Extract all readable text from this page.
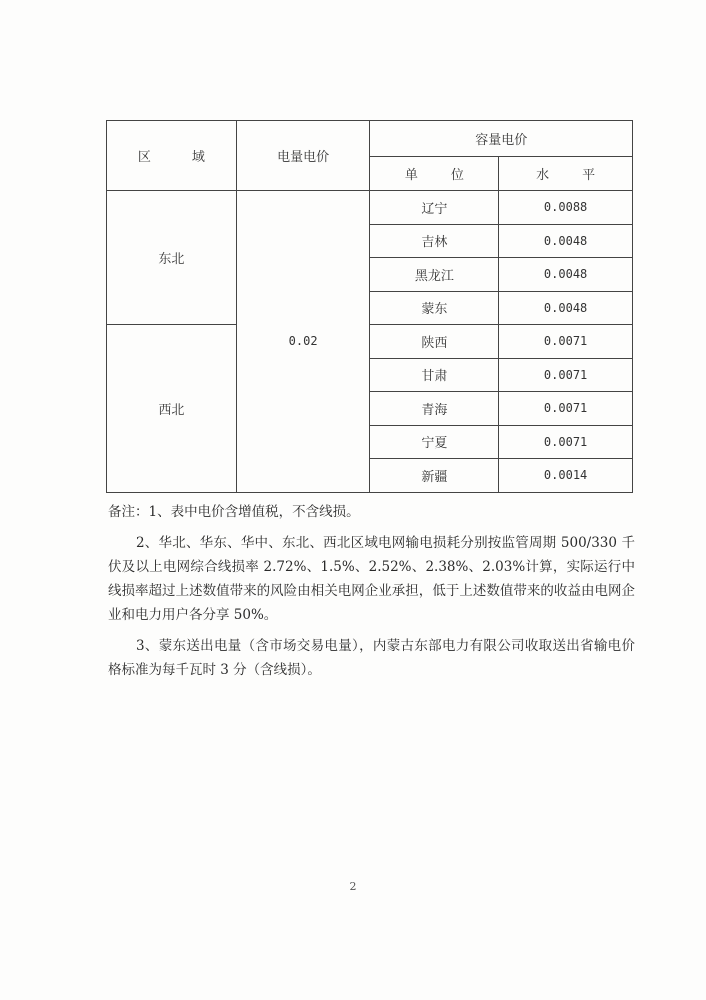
区　域	电量电价	容量电价	
		单　位	水　平
东北	0.02	辽宁	0.0088
		吉林	0.0048
		黑龙江	0.0048
		蒙东	0.0048
西北		陕西	0.0071
		甘肃	0.0071
		青海	0.0071
		宁夏	0.0071
		新疆	0.0014

备注：1、表中电价含增值税，不含线损。

2、华北、华东、华中、东北、西北区域电网输电损耗分别按监管周期 500/330 千伏及以上电网综合线损率 2.72%、1.5%、2.52%、2.38%、2.03%计算，实际运行中线损率超过上述数值带来的风险由相关电网企业承担，低于上述数值带来的收益由电网企业和电力用户各分享 50%。

3、蒙东送出电量（含市场交易电量），内蒙古东部电力有限公司收取送出省输电价格标准为每千瓦时 3 分（含线损）。

2
